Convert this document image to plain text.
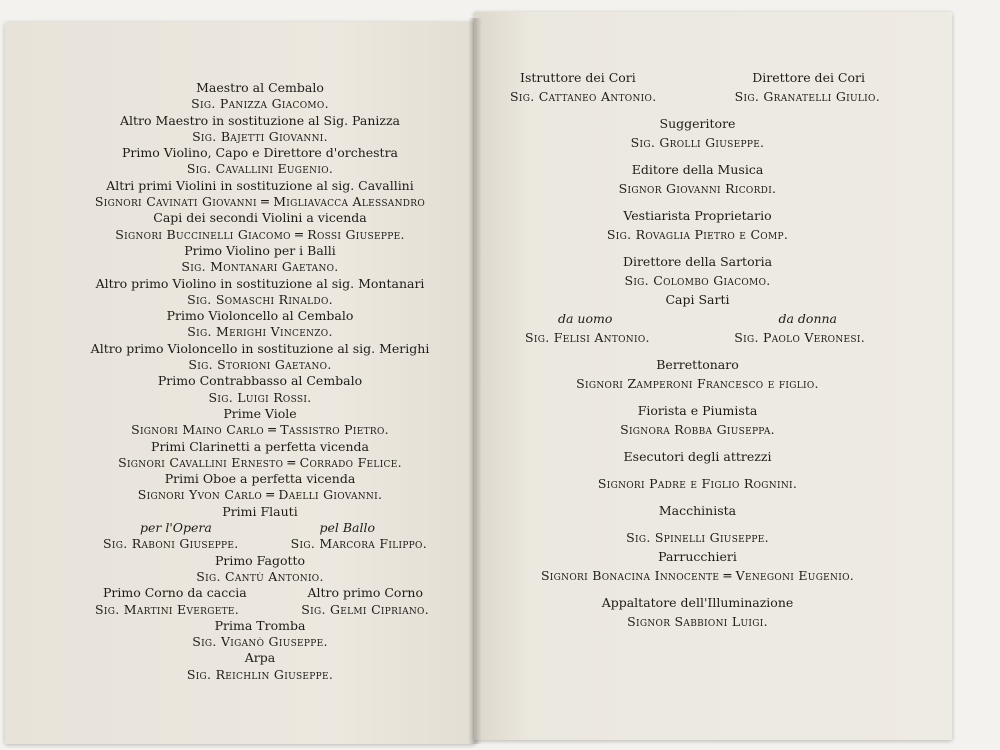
Maestro al Cembalo
Sig. Panizza Giacomo.
Altro Maestro in sostituzione al Sig. Panizza
Sig. Bajetti Giovanni.
Primo Violino, Capo e Direttore d'orchestra
Sig. Cavallini Eugenio.
Altri primi Violini in sostituzione al sig. Cavallini
Signori Cavinati Giovanni ═ Migliavacca Alessandro
Capi dei secondi Violini a vicenda
Signori Buccinelli Giacomo ═ Rossi Giuseppe.
Primo Violino per i Balli
Sig. Montanari Gaetano.
Altro primo Violino in sostituzione al sig. Montanari
Sig. Somaschi Rinaldo.
Primo Violoncello al Cembalo
Sig. Merighi Vincenzo.
Altro primo Violoncello in sostituzione al sig. Merighi
Sig. Storioni Gaetano.
Primo Contrabbasso al Cembalo
Sig. Luigi Rossi.
Prime Viole
Signori Maino Carlo ═ Tassistro Pietro.
Primi Clarinetti a perfetta vicenda
Signori Cavallini Ernesto ═ Corrado Felice.
Primi Oboe a perfetta vicenda
Signori Yvon Carlo ═ Daelli Giovanni.
Primi Flauti
per l'Opera	pel Ballo
Sig. Raboni Giuseppe.	Sig. Marcora Filippo.
Primo Fagotto
Sig. Cantù Antonio.
Primo Corno da caccia	Altro primo Corno
Sig. Martini Evergete.	Sig. Gelmi Cipriano.
Prima Tromba
Sig. Viganò Giuseppe.
Arpa
Sig. Reichlin Giuseppe.
Istruttore dei Cori	Direttore dei Cori
Sig. Cattaneo Antonio.	Sig. Granatelli Giulio.
Suggeritore
Sig. Grolli Giuseppe.
Editore della Musica
Signor Giovanni Ricordi.
Vestiarista Proprietario
Sig. Rovaglia Pietro e Comp.
Direttore della Sartoria
Sig. Colombo Giacomo.
Capi Sarti
da uomo	da donna
Sig. Felisi Antonio.	Sig. Paolo Veronesi.
Berrettonaro
Signori Zamperoni Francesco e figlio.
Fiorista e Piumista
Signora Robba Giuseppa.
Esecutori degli attrezzi
Signori Padre e Figlio Rognini.
Macchinista
Sig. Spinelli Giuseppe.
Parrucchieri
Signori Bonacina Innocente ═ Venegoni Eugenio.
Appaltatore dell'Illuminazione
Signor Sabbioni Luigi.
